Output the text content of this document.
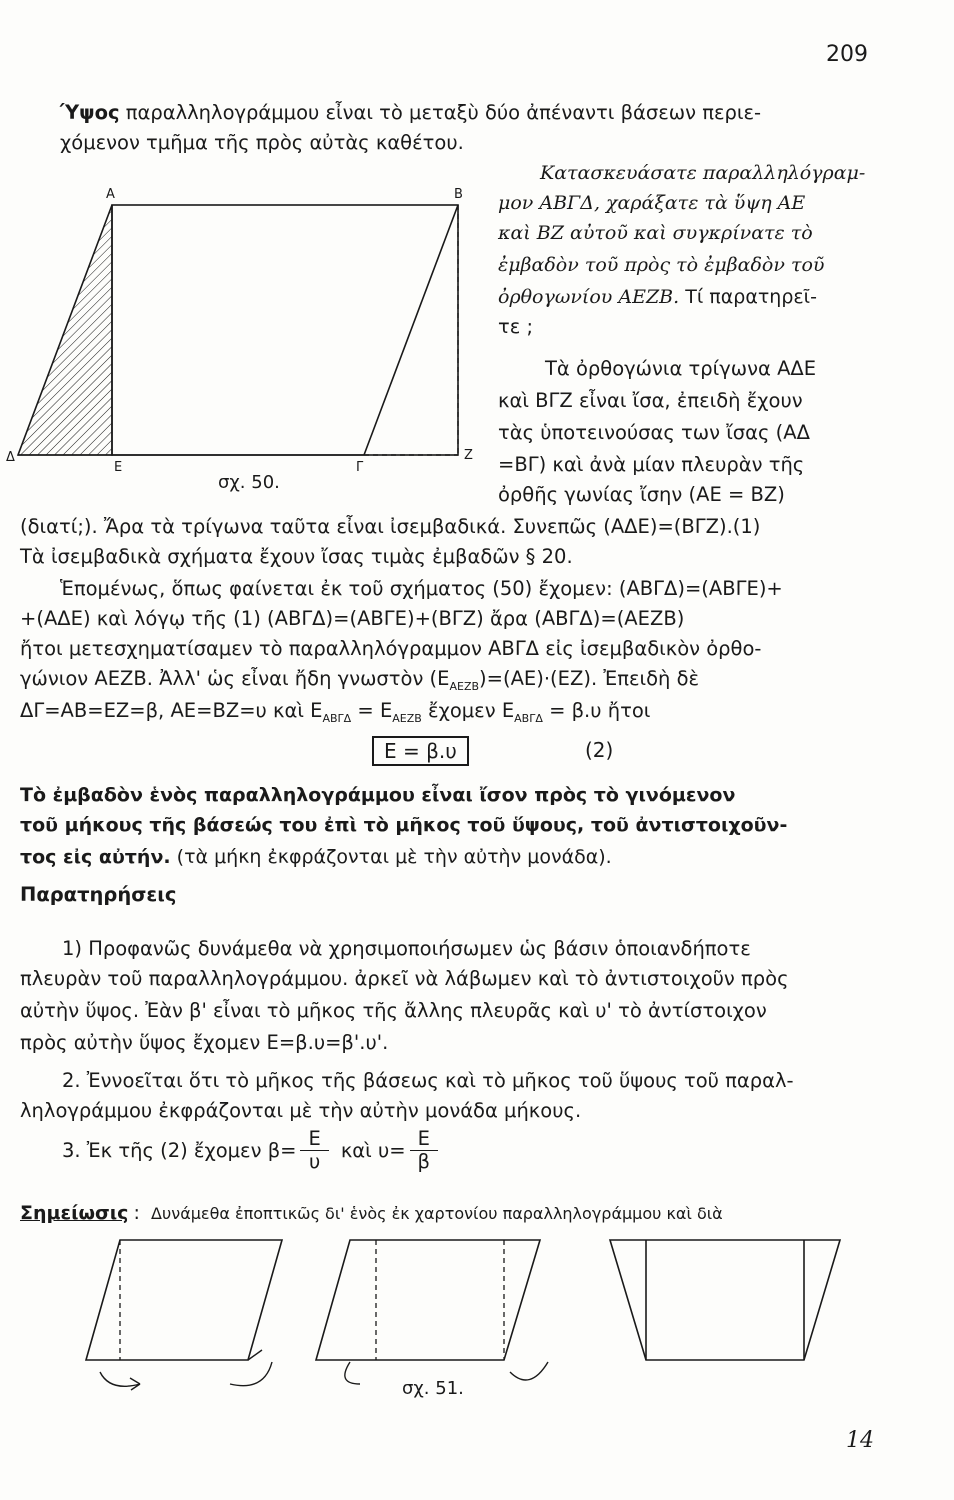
209
Ύψος παραλληλογράμμου εἶναι τὸ μεταξὺ δύο ἀπέναντι βάσεων περιε-
χόμενον τμῆμα τῆς πρὸς αὐτὰς καθέτου.
Α	Β
Δ
Ε	Γ
Ζ
σχ. 50.
Κατασκευάσατε παραλληλόγραμ-
μον ΑΒΓΔ, χαράξατε τὰ ὕψη ΑΕ
καὶ ΒΖ αὐτοῦ καὶ συγκρίνατε τὸ
ἐμβαδὸν τοῦ πρὸς τὸ ἐμβαδὸν τοῦ
ὀρθογωνίου ΑΕΖΒ. Τί παρατηρεῖ-
τε ;
Τὰ ὀρθογώνια τρίγωνα ΑΔΕ
καὶ ΒΓΖ εἶναι ἴσα, ἐπειδὴ ἔχουν
τὰς ὑποτεινούσας των ἴσας (ΑΔ
=ΒΓ) καὶ ἀνὰ μίαν πλευρὰν τῆς
ὀρθῆς γωνίας ἴσην (ΑΕ = ΒΖ)
(διατί;). Ἄρα τὰ τρίγωνα ταῦτα εἶναι ἰσεμβαδικά. Συνεπῶς (ΑΔΕ)=(ΒΓΖ).(1)
Τὰ ἰσεμβαδικὰ σχήματα ἔχουν ἴσας τιμὰς ἐμβαδῶν § 20.
Ἑπομένως, ὅπως φαίνεται ἐκ τοῦ σχήματος (50) ἔχομεν: (ΑΒΓΔ)=(ΑΒΓΕ)+
+(ΑΔΕ) καὶ λόγῳ τῆς (1) (ΑΒΓΔ)=(ΑΒΓΕ)+(ΒΓΖ) ἄρα (ΑΒΓΔ)=(ΑΕΖΒ)
ἤτοι μετεσχηματίσαμεν τὸ παραλληλόγραμμον ΑΒΓΔ εἰς ἰσεμβαδικὸν ὀρθο-
γώνιον ΑΕΖΒ. Ἀλλ' ὡς εἶναι ἤδη γνωστὸν $(E_{AEZB})=(AE)\cdot(EZ)$. Ἐπειδὴ δὲ
ΔΓ=ΑΒ=ΕΖ=β, ΑΕ=ΒΖ=υ καὶ $E_{AB\Gamma\Delta} = E_{AEZB}$ ἔχομεν $E_{AB\Gamma\Delta} = \beta.\upsilon$ ἤτοι
Ε = β.υ	(2)
Τὸ ἐμβαδὸν ἑνὸς παραλληλογράμμου εἶναι ἴσον πρὸς τὸ γινόμενον
τοῦ μήκους τῆς βάσεώς του ἐπὶ τὸ μῆκος τοῦ ὕψους, τοῦ ἀντιστοιχοῦν-
τος εἰς αὐτήν. (τὰ μήκη ἐκφράζονται μὲ τὴν αὐτὴν μονάδα).
Παρατηρήσεις
1) Προφανῶς δυνάμεθα νὰ χρησιμοποιήσωμεν ὡς βάσιν ὁποιανδήποτε
πλευρὰν τοῦ παραλληλογράμμου. ἀρκεῖ νὰ λάβωμεν καὶ τὸ ἀντιστοιχοῦν πρὸς
αὐτὴν ὕψος. Ἐὰν β' εἶναι τὸ μῆκος τῆς ἄλλης πλευρᾶς καὶ υ' τὸ ἀντίστοιχον
πρὸς αὐτὴν ὕψος ἔχομεν Ε=β.υ=β'.υ'.
2. Ἐννοεῖται ὅτι τὸ μῆκος τῆς βάσεως καὶ τὸ μῆκος τοῦ ὕψους τοῦ παραλ-
ληλογράμμου ἐκφράζονται μὲ τὴν αὐτὴν μονάδα μήκους.
3. Ἐκ τῆς (2) ἔχομεν $\beta= \frac{E}{\upsilon}$ καὶ $\upsilon= \frac{E}{\beta}$
Σημείωσις : Δυνάμεθα ἐποπτικῶς δι' ἑνὸς ἐκ χαρτονίου παραλληλογράμμου καὶ διὰ
σχ. 51.
14
